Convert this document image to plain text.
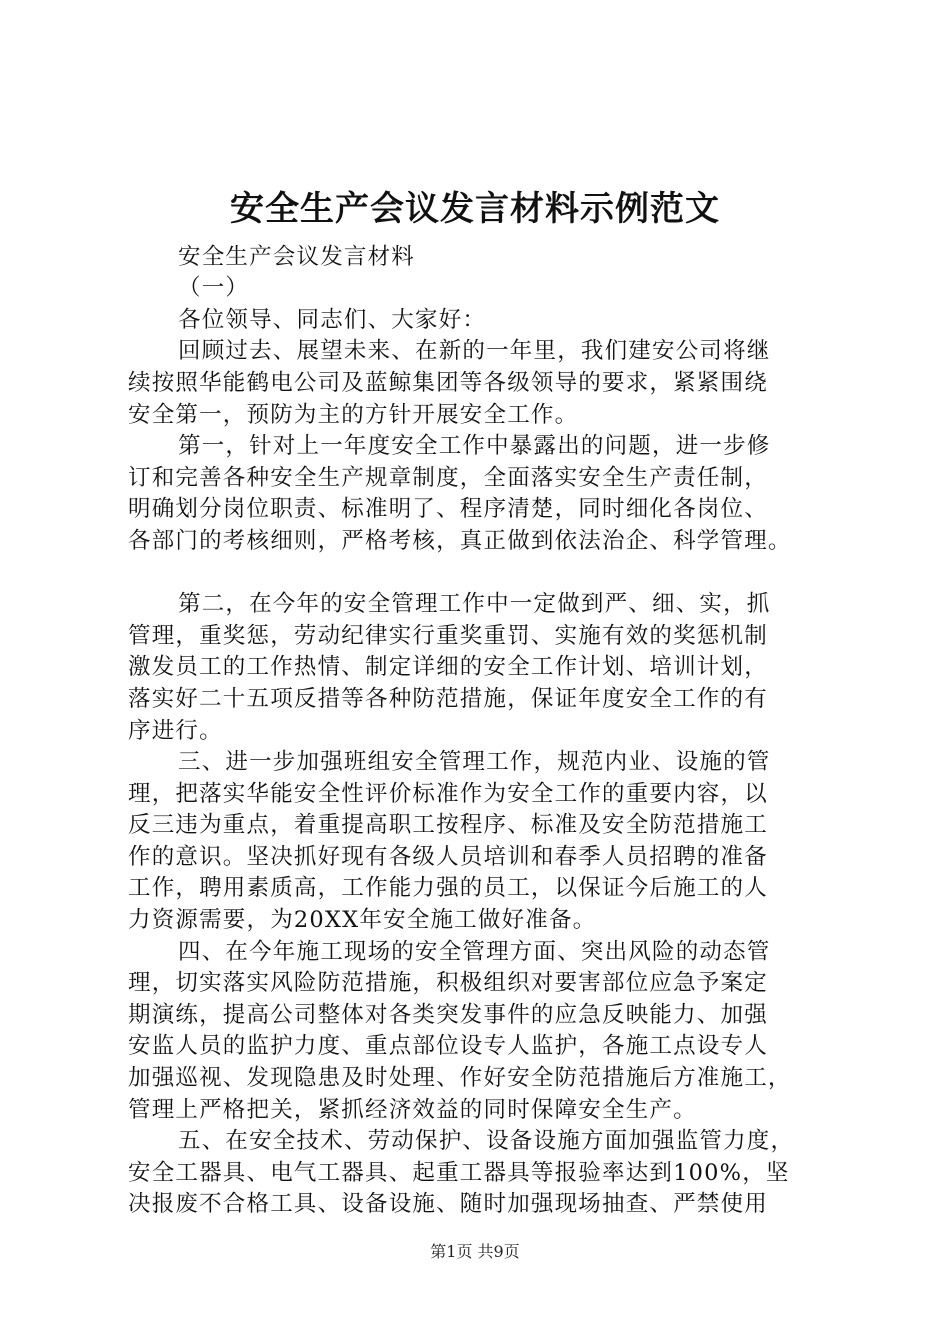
安全生产会议发言材料示例范文
安全生产会议发言材料
（一）
各位领导、同志们、大家好：
回顾过去、展望未来、在新的一年里，我们建安公司将继
续按照华能鹤电公司及蓝鲸集团等各级领导的要求，紧紧围绕
安全第一，预防为主的方针开展安全工作。
第一，针对上一年度安全工作中暴露出的问题，进一步修
订和完善各种安全生产规章制度，全面落实安全生产责任制，
明确划分岗位职责、标准明了、程序清楚，同时细化各岗位、
各部门的考核细则，严格考核，真正做到依法治企、科学管理。
第二，在今年的安全管理工作中一定做到严、细、实，抓
管理，重奖惩，劳动纪律实行重奖重罚、实施有效的奖惩机制
激发员工的工作热情、制定详细的安全工作计划、培训计划，
落实好二十五项反措等各种防范措施，保证年度安全工作的有
序进行。
三、进一步加强班组安全管理工作，规范内业、设施的管
理，把落实华能安全性评价标准作为安全工作的重要内容，以
反三违为重点，着重提高职工按程序、标准及安全防范措施工
作的意识。坚决抓好现有各级人员培训和春季人员招聘的准备
工作，聘用素质高，工作能力强的员工，以保证今后施工的人
力资源需要，为20XX年安全施工做好准备。
四、在今年施工现场的安全管理方面、突出风险的动态管
理，切实落实风险防范措施，积极组织对要害部位应急予案定
期演练，提高公司整体对各类突发事件的应急反映能力、加强
安监人员的监护力度、重点部位设专人监护，各施工点设专人
加强巡视、发现隐患及时处理、作好安全防范措施后方准施工，
管理上严格把关，紧抓经济效益的同时保障安全生产。
五、在安全技术、劳动保护、设备设施方面加强监管力度，
安全工器具、电气工器具、起重工器具等报验率达到100%，坚
决报废不合格工具、设备设施、随时加强现场抽查、严禁使用
第1页 共9页
